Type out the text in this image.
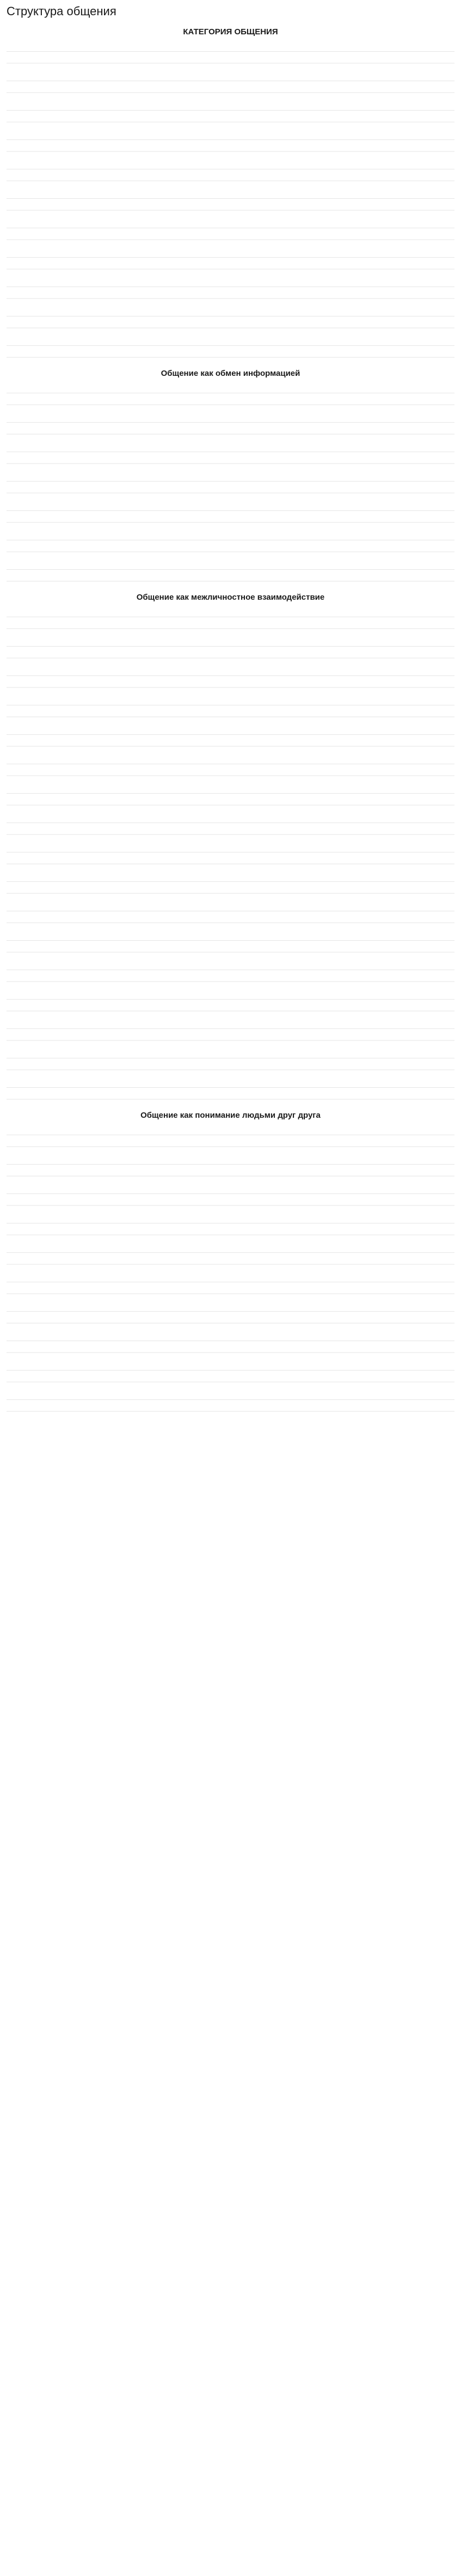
Структура общения
КАТЕГОРИЯ ОБЩЕНИЯ

Общение как обмен информацией

Общение как межличностное взаимодействие

Общение как понимание людьми друг друга
